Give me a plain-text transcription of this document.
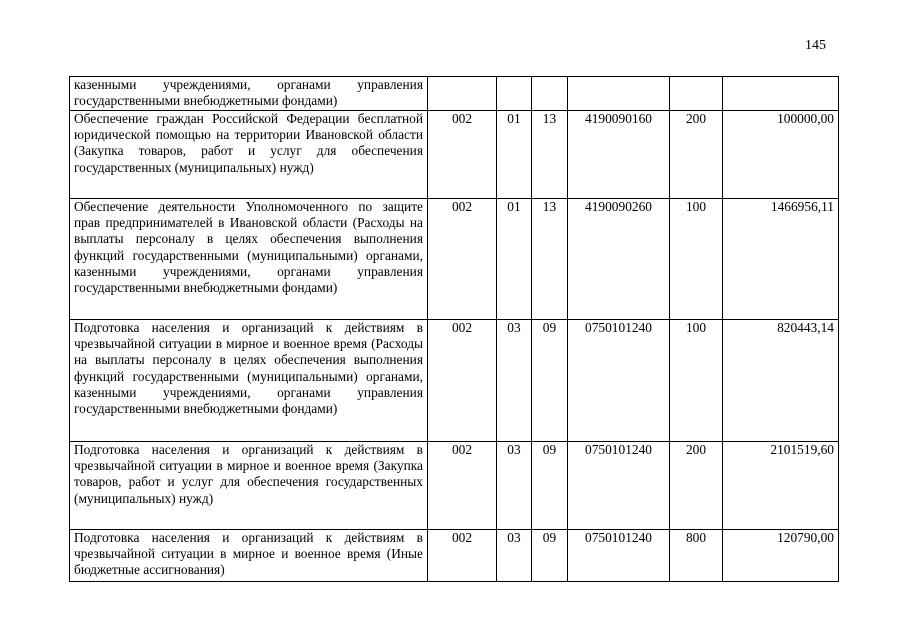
145
казенными учреждениями, органами управления государственными внебюджетными фондами)						

Обеспечение граждан Российской Федерации бесплатной юридической помощью на территории Ивановской области (Закупка товаров, работ и услуг для обеспечения государственных (муниципальных) нужд)	002	01	13	4190090160	200	100000,00

Обеспечение деятельности Уполномоченного по защите прав предпринимателей в Ивановской области (Расходы на выплаты персоналу в целях обеспечения выполнения функций государственными (муниципальными) органами, казенными учреждениями, органами управления государственными внебюджетными фондами)	002	01	13	4190090260	100	1466956,11

Подготовка населения и организаций к действиям в чрезвычайной ситуации в мирное и военное время (Расходы на выплаты персоналу в целях обеспечения выполнения функций государственными (муниципальными) органами, казенными учреждениями, органами управления государственными внебюджетными фондами)	002	03	09	0750101240	100	820443,14

Подготовка населения и организаций к действиям в чрезвычайной ситуации в мирное и военное время (Закупка товаров, работ и услуг для обеспечения государственных (муниципальных) нужд)	002	03	09	0750101240	200	2101519,60

Подготовка населения и организаций к действиям в чрезвычайной ситуации в мирное и военное время (Иные бюджетные ассигнования)	002	03	09	0750101240	800	120790,00
